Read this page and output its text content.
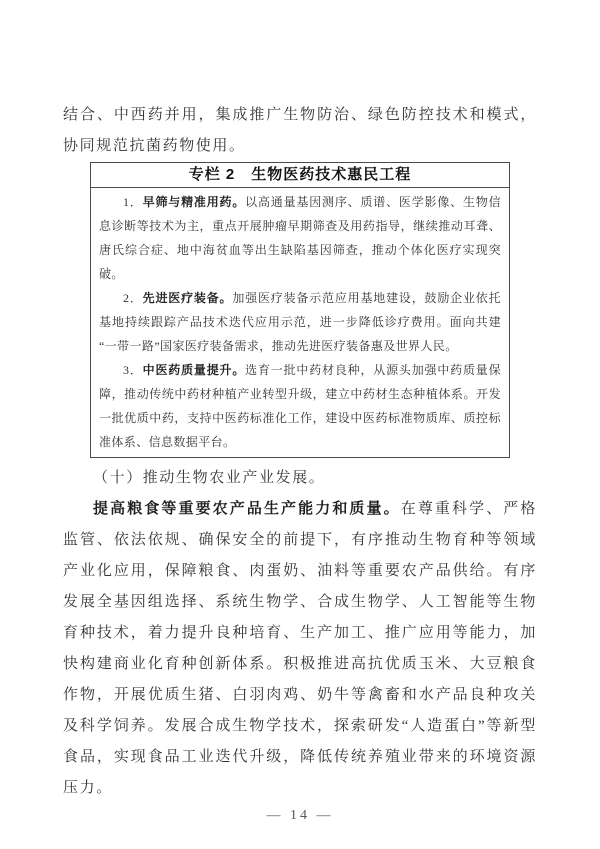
结合、中西药并用，集成推广生物防治、绿色防控技术和模式，协同规范抗菌药物使用。

专栏 2　生物医药技术惠民工程

1．早筛与精准用药。以高通量基因测序、质谱、医学影像、生物信息诊断等技术为主，重点开展肿瘤早期筛查及用药指导，继续推动耳聋、唐氏综合症、地中海贫血等出生缺陷基因筛查，推动个体化医疗实现突破。

2．先进医疗装备。加强医疗装备示范应用基地建设，鼓励企业依托基地持续跟踪产品技术迭代应用示范，进一步降低诊疗费用。面向共建“一带一路”国家医疗装备需求，推动先进医疗装备惠及世界人民。

3．中医药质量提升。选育一批中药材良种，从源头加强中药质量保障，推动传统中药材种植产业转型升级，建立中药材生态种植体系。开发一批优质中药，支持中医药标准化工作，建设中医药标准物质库、质控标准体系、信息数据平台。

（十）推动生物农业产业发展。

提高粮食等重要农产品生产能力和质量。在尊重科学、严格监管、依法依规、确保安全的前提下，有序推动生物育种等领域产业化应用，保障粮食、肉蛋奶、油料等重要农产品供给。有序发展全基因组选择、系统生物学、合成生物学、人工智能等生物育种技术，着力提升良种培育、生产加工、推广应用等能力，加快构建商业化育种创新体系。积极推进高抗优质玉米、大豆粮食作物，开展优质生猪、白羽肉鸡、奶牛等禽畜和水产品良种攻关及科学饲养。发展合成生物学技术，探索研发“人造蛋白”等新型食品，实现食品工业迭代升级，降低传统养殖业带来的环境资源压力。

— 14 —
